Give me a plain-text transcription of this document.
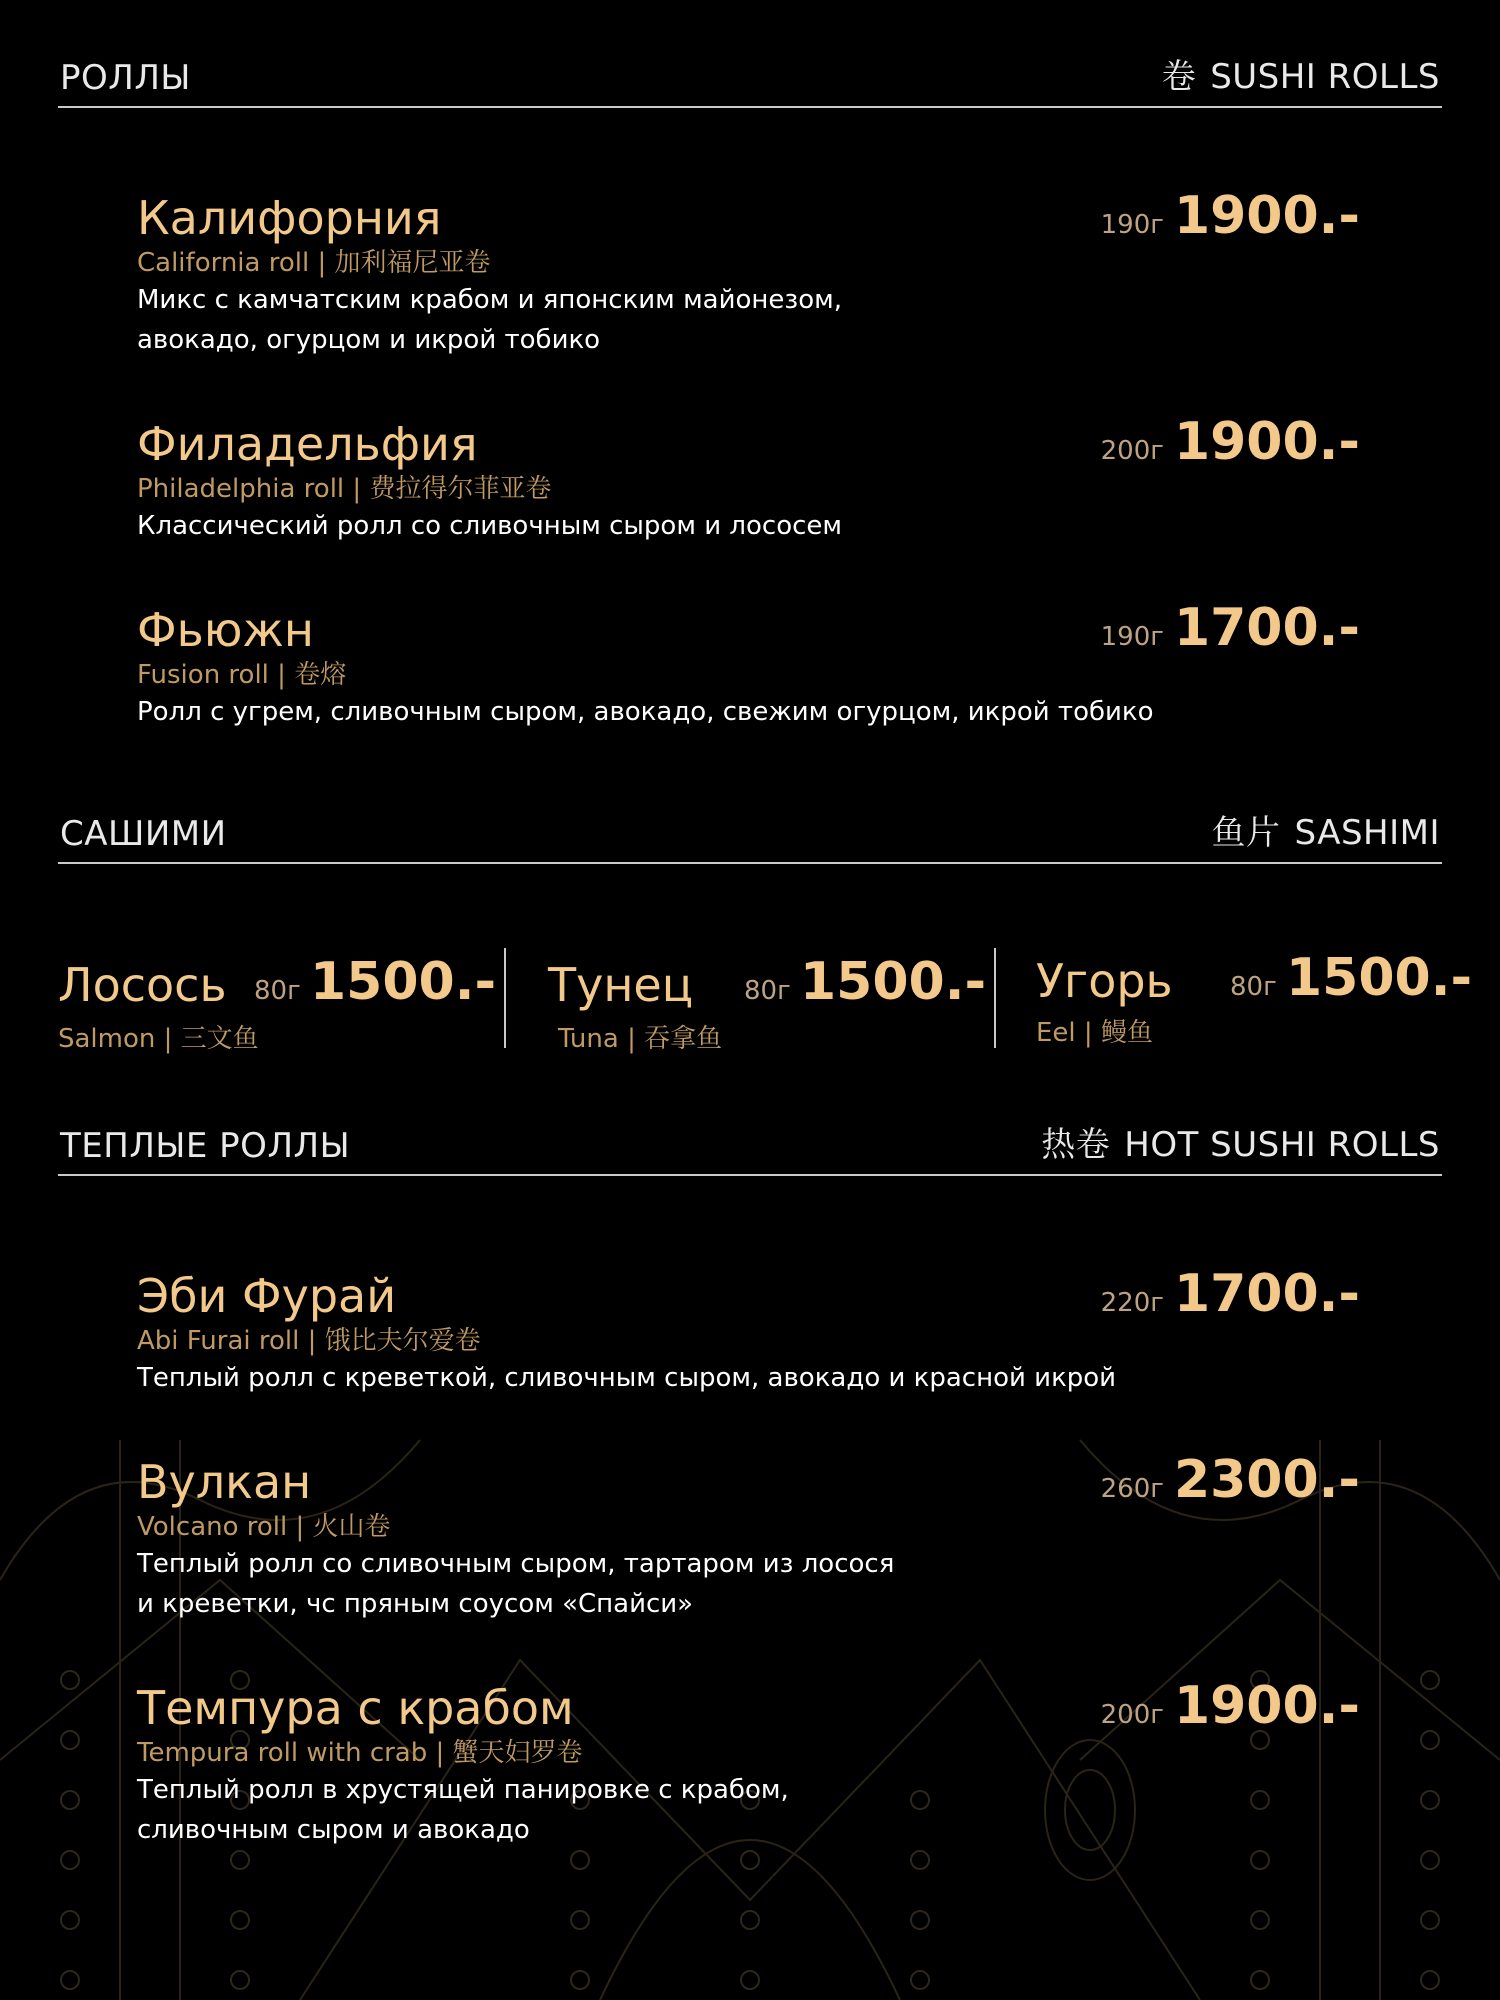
РОЛЛЫ	卷 SUSHI ROLLS
Калифорния
California roll | 加利福尼亚卷
Микс с камчатским крабом и японским майонезом,
авокадо, огурцом и икрой тобико
190г 1900.-
Филадельфия
Philadelphia roll | 费拉得尔菲亚卷
Классический ролл со сливочным сыром и лососем
200г 1900.-
Фьюжн
Fusion roll | 卷熔
Ролл с угрем, сливочным сыром, авокадо, свежим огурцом, икрой тобико
190г 1700.-
САШИМИ	鱼片 SASHIMI
Лосось 80г 1500.-
Salmon | 三文鱼
Тунец 80г 1500.-
Tuna | 吞拿鱼
Угорь 80г 1500.-
Eel | 鳗鱼
ТЕПЛЫЕ РОЛЛЫ	热卷 HOT SUSHI ROLLS
Эби Фурай
Abi Furai roll | 饿比夫尔爱卷
Теплый ролл с креветкой, сливочным сыром, авокадо и красной икрой
220г 1700.-
Вулкан
Volcano roll | 火山卷
Теплый ролл со сливочным сыром, тартаром из лосося
и креветки, чс пряным соусом «Спайси»
260г 2300.-
Темпура с крабом
Tempura roll with crab | 蟹天妇罗卷
Теплый ролл в хрустящей панировке с крабом,
сливочным сыром и авокадо
200г 1900.-
